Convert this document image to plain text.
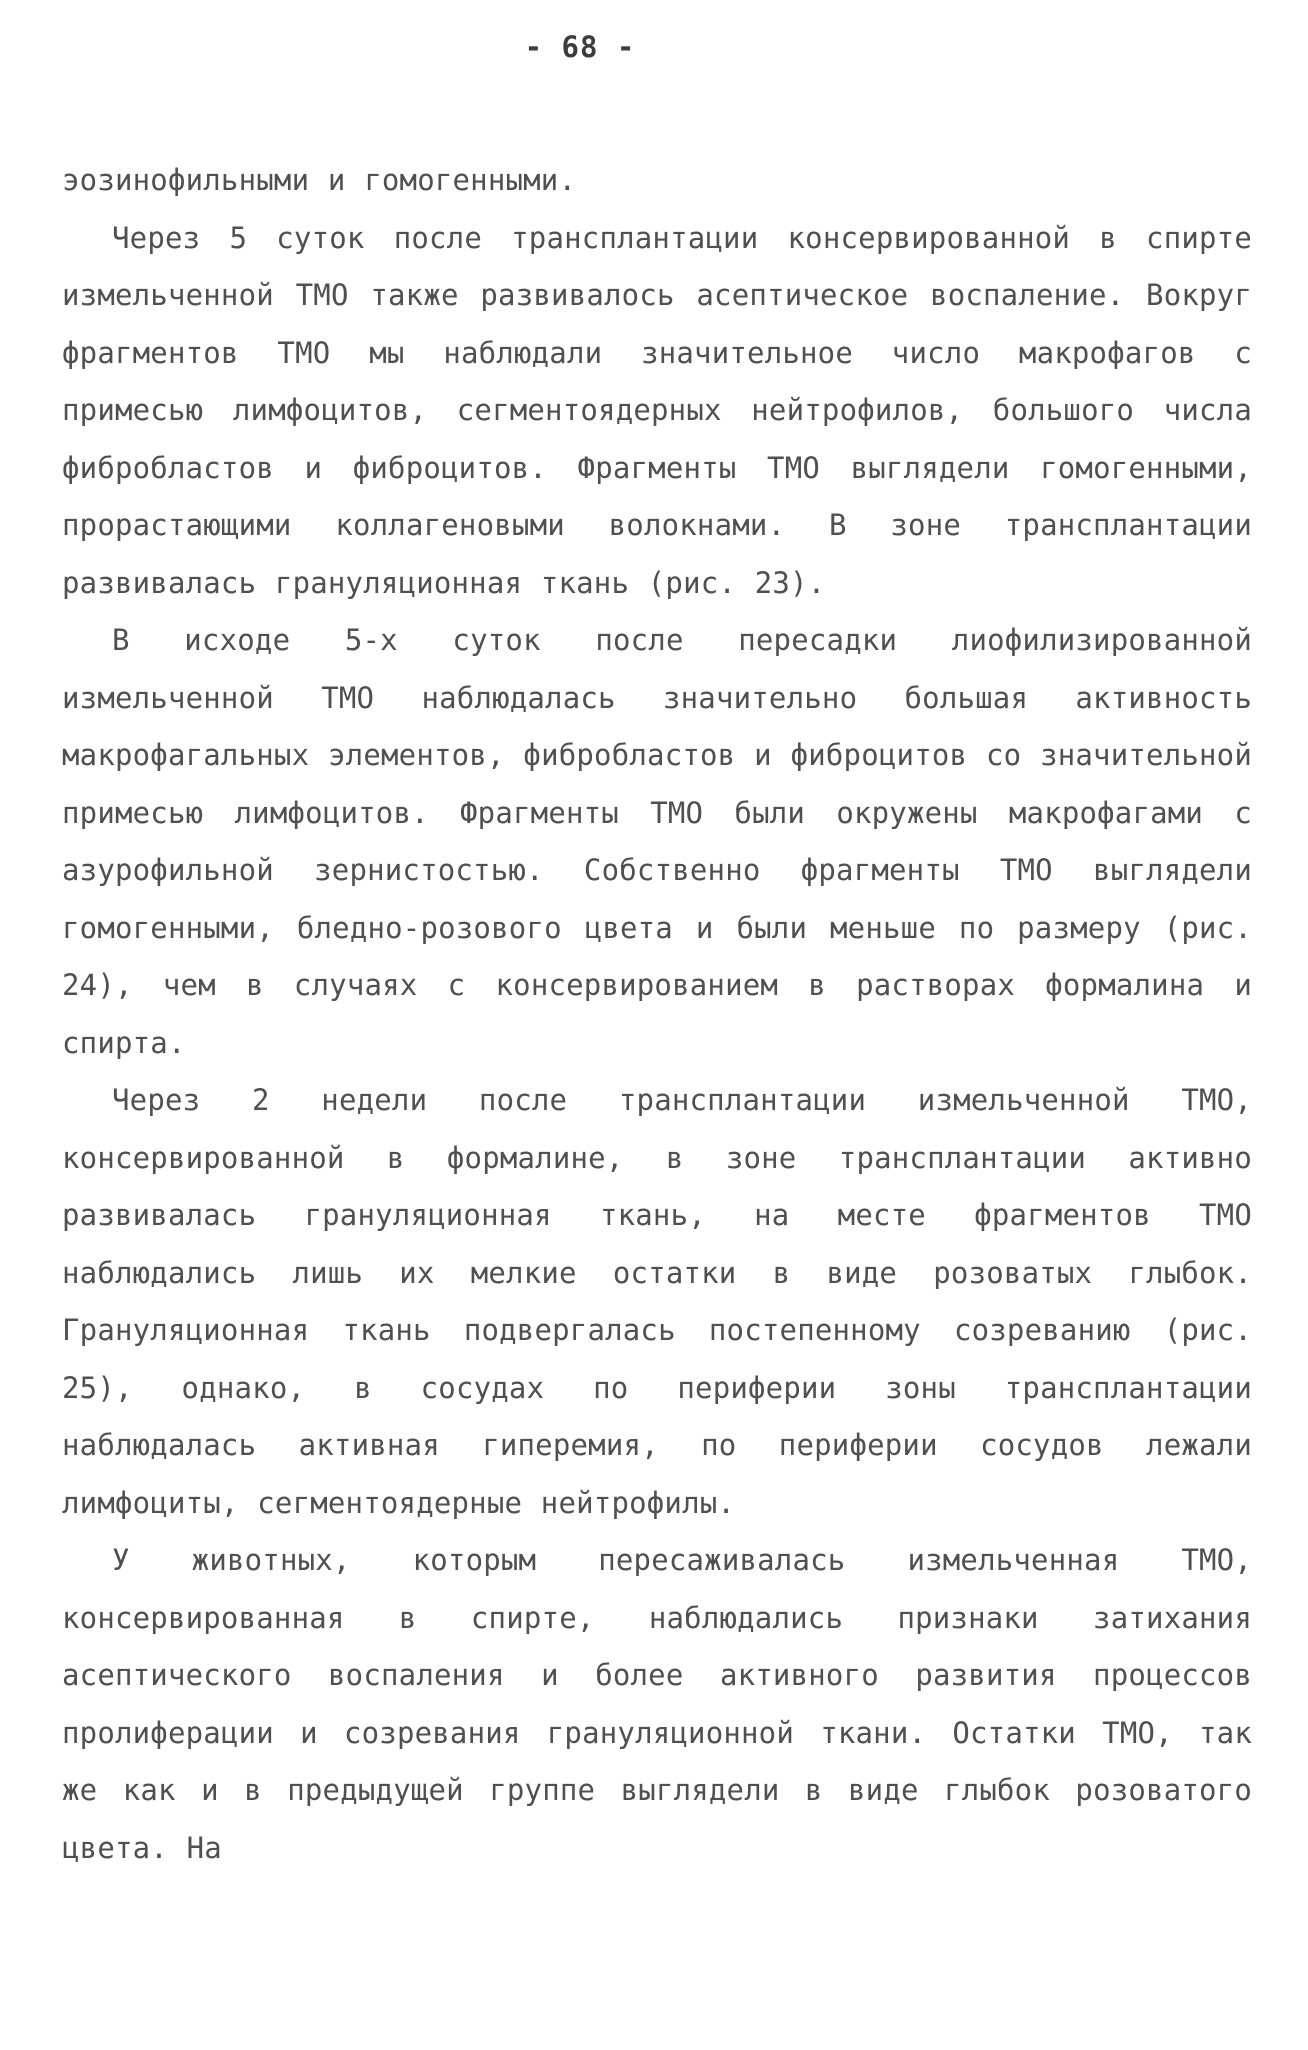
- 68 -

эозинофильными и гомогенными.

Через 5 суток после трансплантации консервированной в спирте измельченной ТМО также развивалось асептическое воспаление. Вокруг фрагментов ТМО мы наблюдали значительное число макрофагов с примесью лимфоцитов, сегментоядерных нейтрофилов, большого числа фибробластов и фиброцитов. Фрагменты ТМО выглядели гомогенными, прорастающими коллагеновыми волокнами. В зоне трансплантации развивалась грануляционная ткань (рис. 23).

В исходе 5-х суток после пересадки лиофилизированной измельченной ТМО наблюдалась значительно большая активность макрофагальных элементов, фибробластов и фиброцитов со значительной примесью лимфоцитов. Фрагменты ТМО были окружены макрофагами с азурофильной зернистостью. Собственно фрагменты ТМО выглядели гомогенными, бледно-розового цвета и были меньше по размеру (рис. 24), чем в случаях с консервированием в растворах формалина и спирта.

Через 2 недели после трансплантации измельченной ТМО, консервированной в формалине, в зоне трансплантации активно развивалась грануляционная ткань, на месте фрагментов ТМО наблюдались лишь их мелкие остатки в виде розоватых глыбок. Грануляционная ткань подвергалась постепенному созреванию (рис. 25), однако, в сосудах по периферии зоны трансплантации наблюдалась активная гиперемия, по периферии сосудов лежали лимфоциты, сегментоядерные нейтрофилы.

У животных, которым пересаживалась измельченная ТМО, консервированная в спирте, наблюдались признаки затихания асептического воспаления и более активного развития процессов пролиферации и созревания грануляционной ткани. Остатки ТМО, так же как и в предыдущей группе выглядели в виде глыбок розоватого цвета. На
